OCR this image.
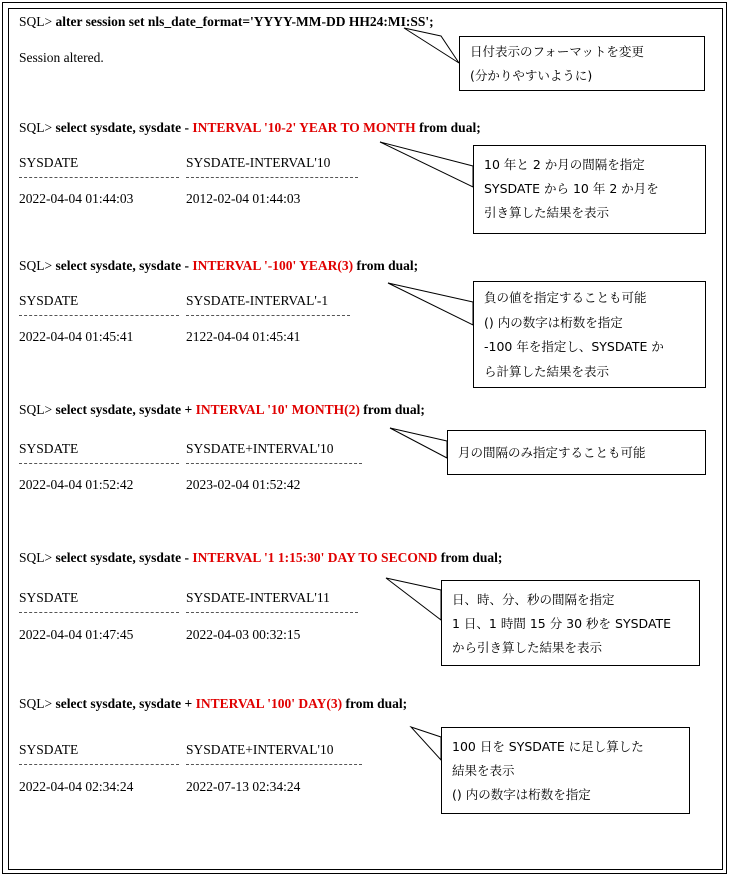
SQL> alter session set nls_date_format='YYYY-MM-DD HH24:MI:SS';
Session altered.	日付表示のフォーマットを変更
(分かりやすいように)
SQL> select sysdate, sysdate - INTERVAL '10-2' YEAR TO MONTH from dual;
SYSDATE	SYSDATE-INTERVAL'10
2022-04-04 01:44:03	2012-02-04 01:44:03
10 年と 2 か月の間隔を指定
SYSDATE から 10 年 2 か月を
引き算した結果を表示
SQL> select sysdate, sysdate - INTERVAL '-100' YEAR(3) from dual;
SYSDATE	SYSDATE-INTERVAL'-1
2022-04-04 01:45:41	2122-04-04 01:45:41
負の値を指定することも可能
() 内の数字は桁数を指定
-100 年を指定し、SYSDATE か
ら計算した結果を表示
SQL> select sysdate, sysdate + INTERVAL '10' MONTH(2) from dual;
SYSDATE	SYSDATE+INTERVAL'10
2022-04-04 01:52:42	2023-02-04 01:52:42
月の間隔のみ指定することも可能
SQL> select sysdate, sysdate - INTERVAL '1 1:15:30' DAY TO SECOND from dual;
SYSDATE	SYSDATE-INTERVAL'11
2022-04-04 01:47:45	2022-04-03 00:32:15
日、時、分、秒の間隔を指定
1 日、1 時間 15 分 30 秒を SYSDATE
から引き算した結果を表示
SQL> select sysdate, sysdate + INTERVAL '100' DAY(3) from dual;
SYSDATE	SYSDATE+INTERVAL'10
2022-04-04 02:34:24	2022-07-13 02:34:24
100 日を SYSDATE に足し算した
結果を表示
() 内の数字は桁数を指定
